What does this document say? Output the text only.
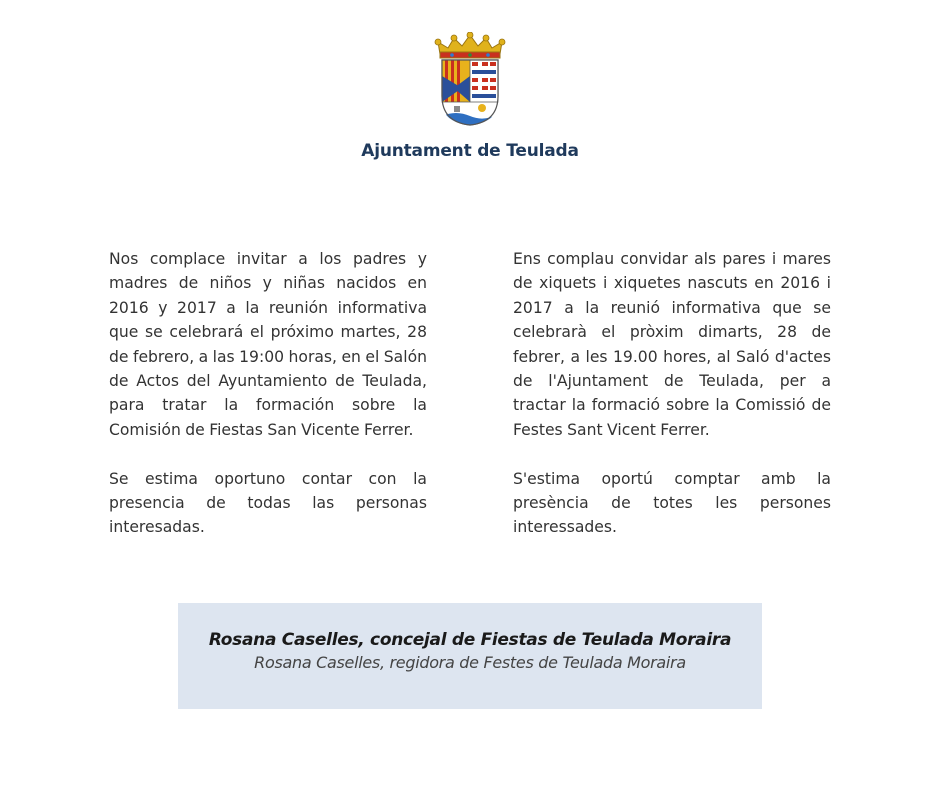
Ajuntament de Teulada

Nos complace invitar a los padres y madres de niños y niñas nacidos en 2016 y 2017 a la reunión informativa que se celebrará el próximo martes, 28 de febrero, a las 19:00 horas, en el Salón de Actos del Ayuntamiento de Teulada, para tratar la formación sobre la Comisión de Fiestas San Vicente Ferrer.

Se estima oportuno contar con la presencia de todas las personas interesadas.

Ens complau convidar als pares i mares de xiquets i xiquetes nascuts en 2016 i 2017 a la reunió informativa que se celebrarà el pròxim dimarts, 28 de febrer, a les 19.00 hores, al Saló d'actes de l'Ajuntament de Teulada, per a tractar la formació sobre la Comissió de Festes Sant Vicent Ferrer.

S'estima oportú comptar amb la presència de totes les persones interessades.

Rosana Caselles, concejal de Fiestas de Teulada Moraira
Rosana Caselles, regidora de Festes de Teulada Moraira
